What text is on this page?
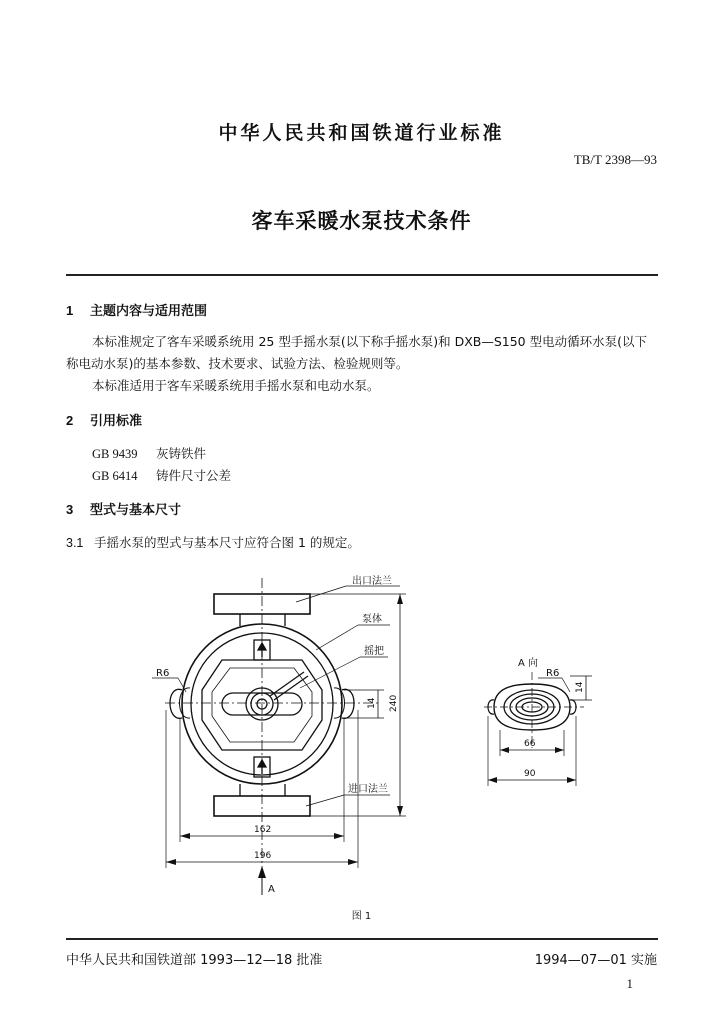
中华人民共和国铁道行业标准
TB/T 2398—93
客车采暖水泵技术条件
1 主题内容与适用范围
本标准规定了客车采暖系统用 25 型手摇水泵(以下称手摇水泵)和 DXB—S150 型电动循环水泵(以下称电动水泵)的基本参数、技术要求、试验方法、检验规则等。
本标准适用于客车采暖系统用手摇水泵和电动水泵。
2 引用标准
GB 9439 灰铸铁件
GB 6414 铸件尺寸公差
3 型式与基本尺寸
3.1 手摇水泵的型式与基本尺寸应符合图 1 的规定。
出口法兰
泵体
摇把
进口法兰
R6
A 向
R6
A
240
14
162
196
14
66
90
图 1
中华人民共和国铁道部 1993—12—18 批准	1994—07—01 实施
1
